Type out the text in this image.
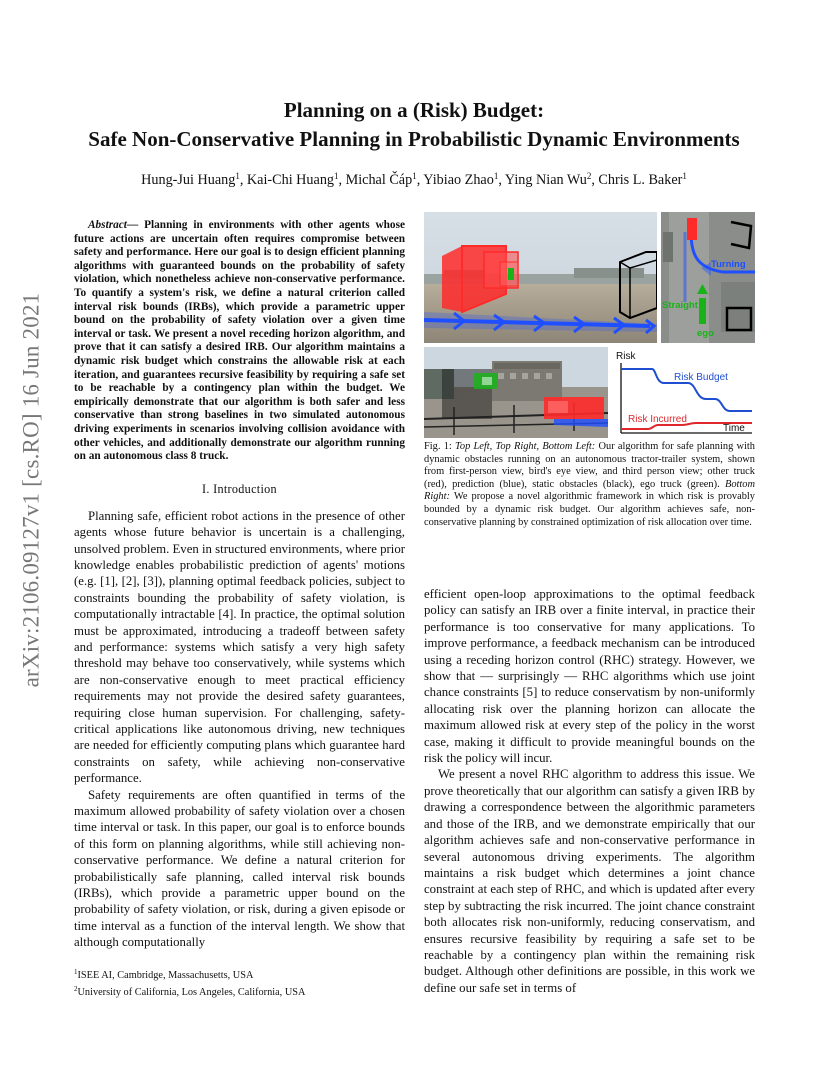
arXiv:2106.09127v1 [cs.RO] 16 Jun 2021
Planning on a (Risk) Budget:
Safe Non-Conservative Planning in Probabilistic Dynamic Environments
Hung-Jui Huang$^1$, Kai-Chi Huang$^1$, Michal Čáp$^1$, Yibiao Zhao$^1$, Ying Nian Wu$^2$, Chris L. Baker$^1$

Abstract— Planning in environments with other agents whose future actions are uncertain often requires compromise between safety and performance. Here our goal is to design efficient planning algorithms with guaranteed bounds on the probability of safety violation, which nonetheless achieve non-conservative performance. To quantify a system's risk, we define a natural criterion called interval risk bounds (IRBs), which provide a parametric upper bound on the probability of safety violation over a given time interval or task. We present a novel receding horizon algorithm, and prove that it can satisfy a desired IRB. Our algorithm maintains a dynamic risk budget which constrains the allowable risk at each iteration, and guarantees recursive feasibility by requiring a safe set to be reachable by a contingency plan within the budget. We empirically demonstrate that our algorithm is both safer and less conservative than strong baselines in two simulated autonomous driving experiments in scenarios involving collision avoidance with other vehicles, and additionally demonstrate our algorithm running on an autonomous class 8 truck.

I. Introduction

Planning safe, efficient robot actions in the presence of other agents whose future behavior is uncertain is a challenging, unsolved problem. Even in structured environments, where prior knowledge enables probabilistic prediction of agents' motions (e.g. [1], [2], [3]), planning optimal feedback policies, subject to constraints bounding the probability of safety violation, is computationally intractable [4]. In practice, the optimal solution must be approximated, introducing a tradeoff between safety and performance: systems which satisfy a very high safety threshold may behave too conservatively, while systems which are non-conservative enough to meet practical efficiency requirements may not provide the desired safety guarantees, requiring close human supervision. For challenging, safety-critical applications like autonomous driving, new techniques are needed for efficiently computing plans which guarantee hard constraints on safety, while achieving non-conservative performance.

Safety requirements are often quantified in terms of the maximum allowed probability of safety violation over a chosen time interval or task. In this paper, our goal is to enforce bounds of this form on planning algorithms, while still achieving non-conservative performance. We define a natural criterion for probabilistically safe planning, called interval risk bounds (IRBs), which provide a parametric upper bound on the probability of safety violation, or risk, during a given episode or time interval as a function of the interval length. We show that although computationally

$^1$ISEE AI, Cambridge, Massachusetts, USA
$^2$University of California, Los Angeles, California, USA
Turning
Straight
ego
Risk
Risk Budget
Risk Incurred
Time
Fig. 1: Top Left, Top Right, Bottom Left: Our algorithm for safe planning with dynamic obstacles running on an autonomous tractor-trailer system, shown from first-person view, bird's eye view, and third person view; other truck (red), prediction (blue), static obstacles (black), ego truck (green). Bottom Right: We propose a novel algorithmic framework in which risk is provably bounded by a dynamic risk budget. Our algorithm achieves safe, non-conservative planning by constrained optimization of risk allocation over time.

efficient open-loop approximations to the optimal feedback policy can satisfy an IRB over a finite interval, in practice their performance is too conservative for many applications. To improve performance, a feedback mechanism can be introduced using a receding horizon control (RHC) strategy. However, we show that — surprisingly — RHC algorithms which use joint chance constraints [5] to reduce conservatism by non-uniformly allocating risk over the planning horizon can allocate the maximum allowed risk at every step of the policy in the worst case, making it difficult to provide meaningful bounds on the risk the policy will incur.

We present a novel RHC algorithm to address this issue. We prove theoretically that our algorithm can satisfy a given IRB by drawing a correspondence between the algorithmic parameters and those of the IRB, and we demonstrate empirically that our algorithm achieves safe and non-conservative performance in several autonomous driving experiments. The algorithm maintains a risk budget which determines a joint chance constraint at each step of RHC, and which is updated after every step by subtracting the risk incurred. The joint chance constraint both allocates risk non-uniformly, reducing conservatism, and ensures recursive feasibility by requiring a safe set to be reachable by a contingency plan within the remaining risk budget. Although other definitions are possible, in this work we define our safe set in terms of
